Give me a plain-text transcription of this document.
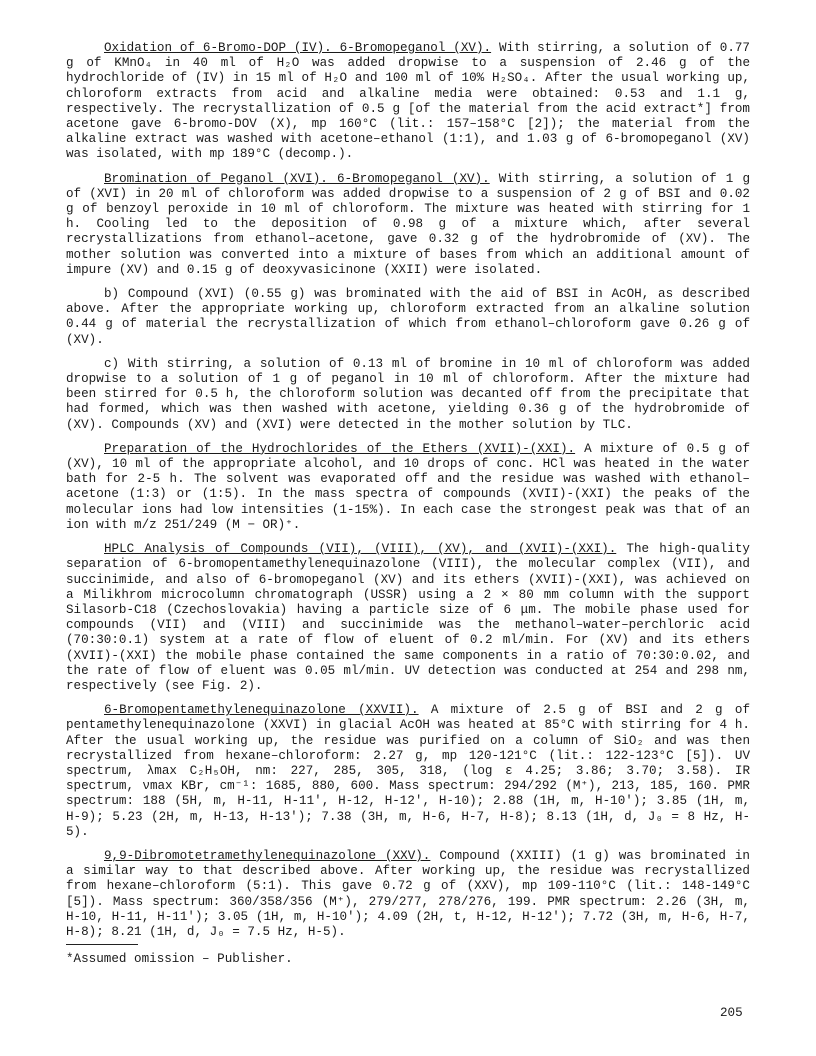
Oxidation of 6-Bromo-DOP (IV). 6-Bromopeganol (XV). With stirring, a solution of 0.77 g of KMnO₄ in 40 ml of H₂O was added dropwise to a suspension of 2.46 g of the hydrochloride of (IV) in 15 ml of H₂O and 100 ml of 10% H₂SO₄. After the usual working up, chloroform extracts from acid and alkaline media were obtained: 0.53 and 1.1 g, respectively. The recrystallization of 0.5 g [of the material from the acid extract*] from acetone gave 6-bromo-DOV (X), mp 160°C (lit.: 157–158°C [2]); the material from the alkaline extract was washed with acetone–ethanol (1:1), and 1.03 g of 6-bromopeganol (XV) was isolated, with mp 189°C (decomp.).

Bromination of Peganol (XVI). 6-Bromopeganol (XV). With stirring, a solution of 1 g of (XVI) in 20 ml of chloroform was added dropwise to a suspension of 2 g of BSI and 0.02 g of benzoyl peroxide in 10 ml of chloroform. The mixture was heated with stirring for 1 h. Cooling led to the deposition of 0.98 g of a mixture which, after several recrystallizations from ethanol–acetone, gave 0.32 g of the hydrobromide of (XV). The mother solution was converted into a mixture of bases from which an additional amount of impure (XV) and 0.15 g of deoxyvasicinone (XXII) were isolated.

b) Compound (XVI) (0.55 g) was brominated with the aid of BSI in AcOH, as described above. After the appropriate working up, chloroform extracted from an alkaline solution 0.44 g of material the recrystallization of which from ethanol–chloroform gave 0.26 g of (XV).

c) With stirring, a solution of 0.13 ml of bromine in 10 ml of chloroform was added dropwise to a solution of 1 g of peganol in 10 ml of chloroform. After the mixture had been stirred for 0.5 h, the chloroform solution was decanted off from the precipitate that had formed, which was then washed with acetone, yielding 0.36 g of the hydrobromide of (XV). Compounds (XV) and (XVI) were detected in the mother solution by TLC.

Preparation of the Hydrochlorides of the Ethers (XVII)-(XXI). A mixture of 0.5 g of (XV), 10 ml of the appropriate alcohol, and 10 drops of conc. HCl was heated in the water bath for 2-5 h. The solvent was evaporated off and the residue was washed with ethanol–acetone (1:3) or (1:5). In the mass spectra of compounds (XVII)-(XXI) the peaks of the molecular ions had low intensities (1-15%). In each case the strongest peak was that of an ion with m/z 251/249 (M − OR)⁺.

HPLC Analysis of Compounds (VII), (VIII), (XV), and (XVII)-(XXI). The high-quality separation of 6-bromopentamethylenequinazolone (VIII), the molecular complex (VII), and succinimide, and also of 6-bromopeganol (XV) and its ethers (XVII)-(XXI), was achieved on a Milikhrom microcolumn chromatograph (USSR) using a 2 × 80 mm column with the support Silasorb-C18 (Czechoslovakia) having a particle size of 6 μm. The mobile phase used for compounds (VII) and (VIII) and succinimide was the methanol–water–perchloric acid (70:30:0.1) system at a rate of flow of eluent of 0.2 ml/min. For (XV) and its ethers (XVII)-(XXI) the mobile phase contained the same components in a ratio of 70:30:0.02, and the rate of flow of eluent was 0.05 ml/min. UV detection was conducted at 254 and 298 nm, respectively (see Fig. 2).

6-Bromopentamethylenequinazolone (XXVII). A mixture of 2.5 g of BSI and 2 g of pentamethylenequinazolone (XXVI) in glacial AcOH was heated at 85°C with stirring for 4 h. After the usual working up, the residue was purified on a column of SiO₂ and was then recrystallized from hexane–chloroform: 2.27 g, mp 120-121°C (lit.: 122-123°C [5]). UV spectrum, λmax C₂H₅OH, nm: 227, 285, 305, 318, (log ε 4.25; 3.86; 3.70; 3.58). IR spectrum, νmax KBr, cm⁻¹: 1685, 880, 600. Mass spectrum: 294/292 (M⁺), 213, 185, 160. PMR spectrum: 188 (5H, m, H-11, H-11', H-12, H-12', H-10); 2.88 (1H, m, H-10'); 3.85 (1H, m, H-9); 5.23 (2H, m, H-13, H-13'); 7.38 (3H, m, H-6, H-7, H-8); 8.13 (1H, d, J₀ = 8 Hz, H-5).

9,9-Dibromotetramethylenequinazolone (XXV). Compound (XXIII) (1 g) was brominated in a similar way to that described above. After working up, the residue was recrystallized from hexane–chloroform (5:1). This gave 0.72 g of (XXV), mp 109-110°C (lit.: 148-149°C [5]). Mass spectrum: 360/358/356 (M⁺), 279/277, 278/276, 199. PMR spectrum: 2.26 (3H, m, H-10, H-11, H-11'); 3.05 (1H, m, H-10'); 4.09 (2H, t, H-12, H-12'); 7.72 (3H, m, H-6, H-7, H-8); 8.21 (1H, d, J₀ = 7.5 Hz, H-5).

*Assumed omission – Publisher.
205
